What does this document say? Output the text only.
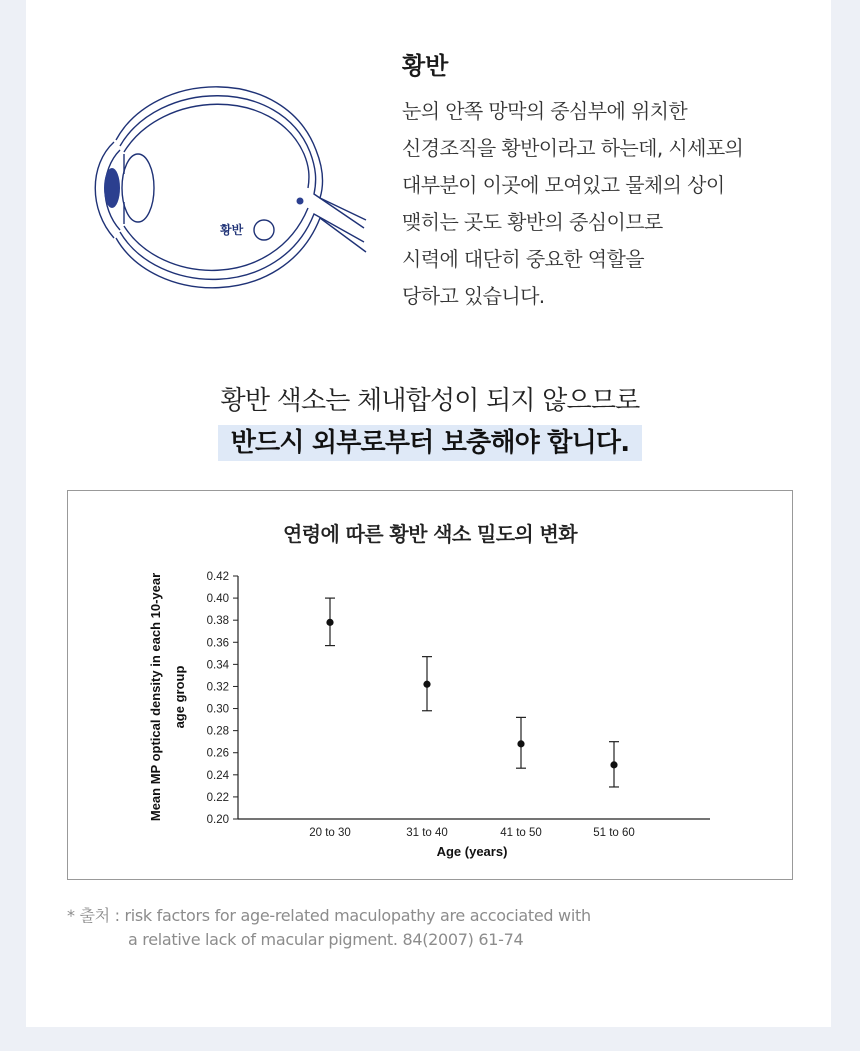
황반
황반
눈의 안쪽 망막의 중심부에 위치한
신경조직을 황반이라고 하는데, 시세포의
대부분이 이곳에 모여있고 물체의 상이
맺히는 곳도 황반의 중심이므로
시력에 대단히 중요한 역할을
당하고 있습니다.
황반 색소는 체내합성이 되지 않으므로
반드시 외부로부터 보충해야 합니다.
연령에 따른 황반 색소 밀도의 변화
0.20
0.22
0.24
0.26
0.28
0.30
0.32
0.34
0.36
0.38
0.40
0.42
20 to 30	31 to 40	41 to 50	51 to 60
Age (years)
Mean MP optical density in each 10-year age group
* 출처 : risk factors for age-related maculopathy are accociated with
a relative lack of macular pigment. 84(2007) 61-74
